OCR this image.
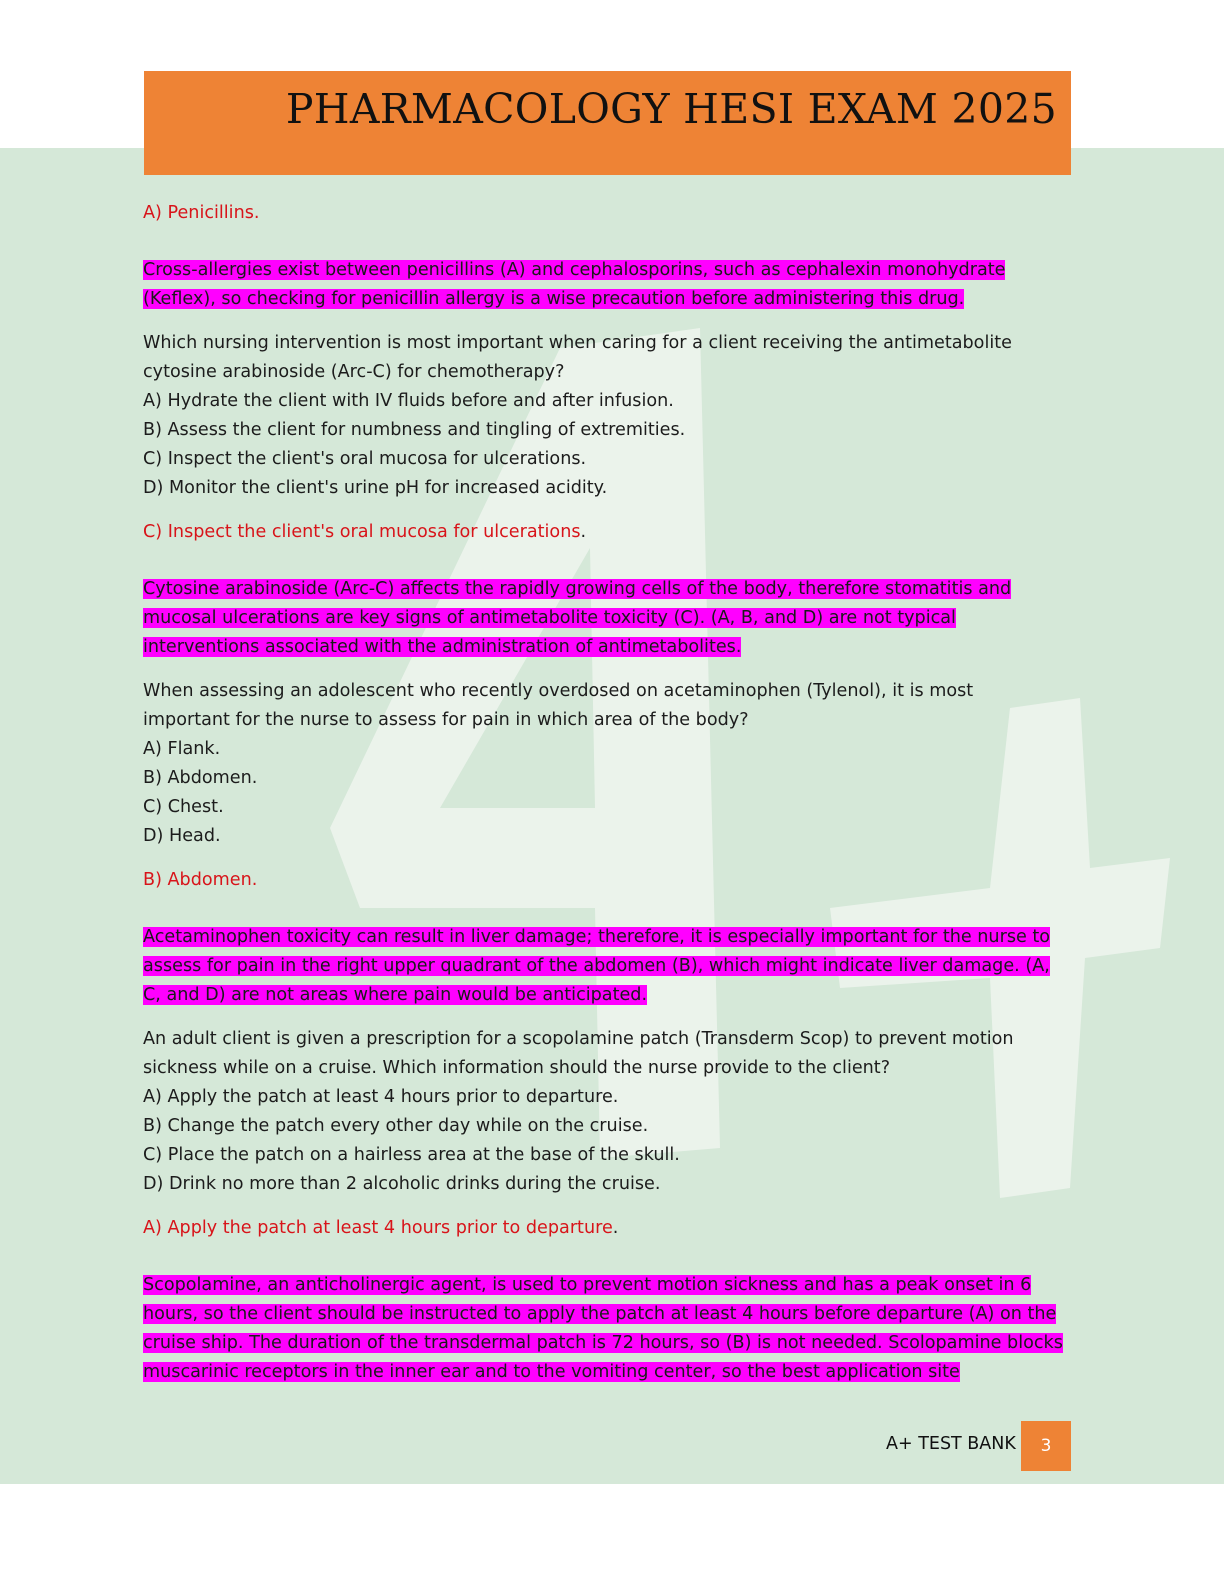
PHARMACOLOGY HESI EXAM 2025

A) Penicillins.

Cross-allergies exist between penicillins (A) and cephalosporins, such as cephalexin monohydrate (Keflex), so checking for penicillin allergy is a wise precaution before administering this drug.

Which nursing intervention is most important when caring for a client receiving the antimetabolite
cytosine arabinoside (Arc-C) for chemotherapy?
A) Hydrate the client with IV fluids before and after infusion.
B) Assess the client for numbness and tingling of extremities.
C) Inspect the client's oral mucosa for ulcerations.
D) Monitor the client's urine pH for increased acidity.

C) Inspect the client's oral mucosa for ulcerations.

Cytosine arabinoside (Arc-C) affects the rapidly growing cells of the body, therefore stomatitis and mucosal ulcerations are key signs of antimetabolite toxicity (C). (A, B, and D) are not typical interventions associated with the administration of antimetabolites.

When assessing an adolescent who recently overdosed on acetaminophen (Tylenol), it is most
important for the nurse to assess for pain in which area of the body?
A) Flank.
B) Abdomen.
C) Chest.
D) Head.

B) Abdomen.

Acetaminophen toxicity can result in liver damage; therefore, it is especially important for the nurse to assess for pain in the right upper quadrant of the abdomen (B), which might indicate liver damage. (A, C, and D) are not areas where pain would be anticipated.

An adult client is given a prescription for a scopolamine patch (Transderm Scop) to prevent motion
sickness while on a cruise. Which information should the nurse provide to the client?
A) Apply the patch at least 4 hours prior to departure.
B) Change the patch every other day while on the cruise.
C) Place the patch on a hairless area at the base of the skull.
D) Drink no more than 2 alcoholic drinks during the cruise.

A) Apply the patch at least 4 hours prior to departure.

Scopolamine, an anticholinergic agent, is used to prevent motion sickness and has a peak onset in 6 hours, so the client should be instructed to apply the patch at least 4 hours before departure (A) on the cruise ship. The duration of the transdermal patch is 72 hours, so (B) is not needed. Scolopamine blocks muscarinic receptors in the inner ear and to the vomiting center, so the best application site

A+ TEST BANK	3
